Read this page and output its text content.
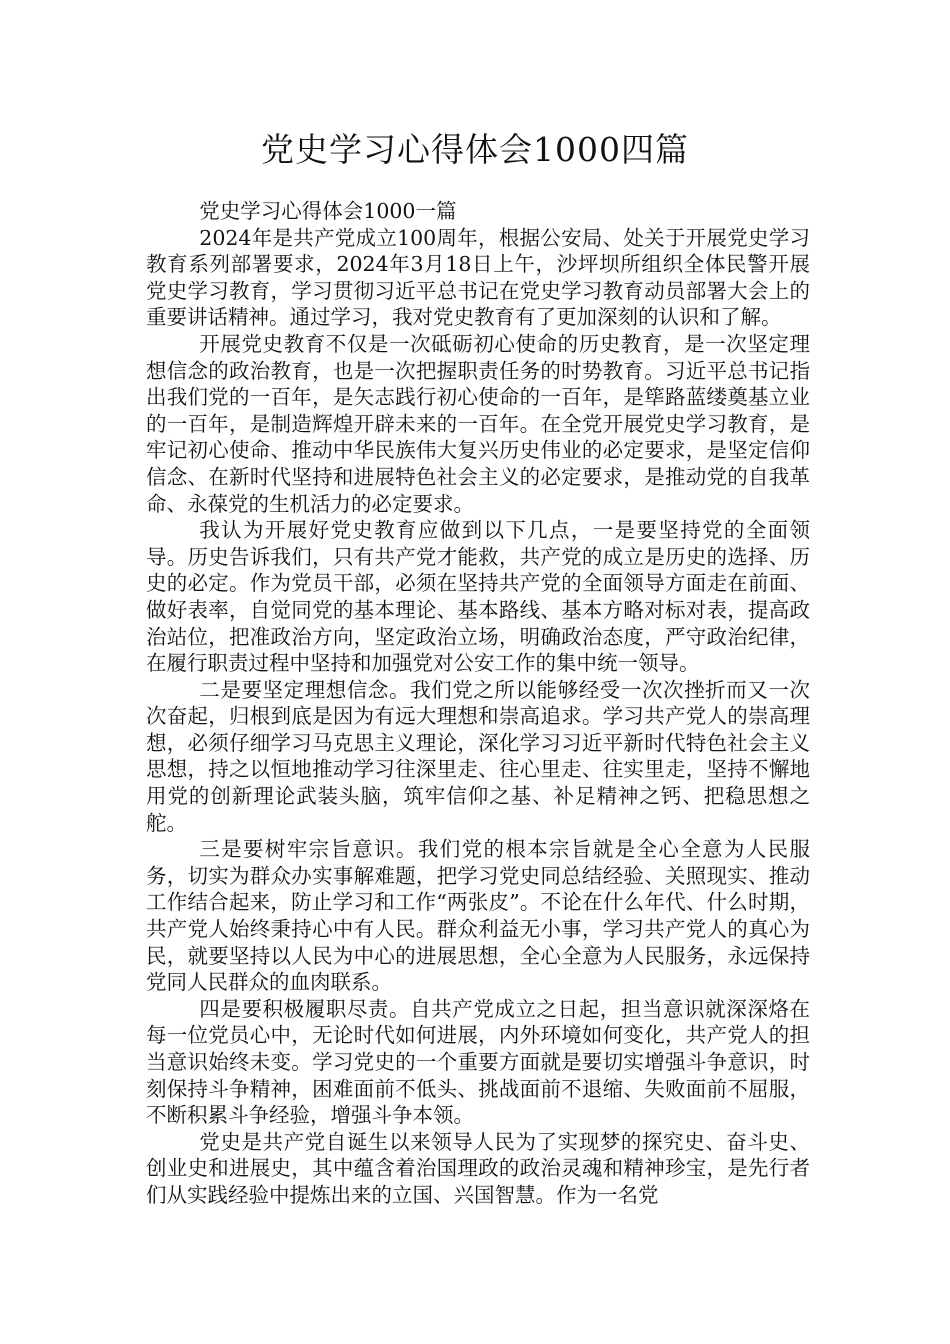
党史学习心得体会1000四篇

党史学习心得体会1000一篇

2024年是共产党成立100周年，根据公安局、处关于开展党史学习教育系列部署要求，2024年3月18日上午，沙坪坝所组织全体民警开展党史学习教育，学习贯彻习近平总书记在党史学习教育动员部署大会上的重要讲话精神。通过学习，我对党史教育有了更加深刻的认识和了解。

开展党史教育不仅是一次砥砺初心使命的历史教育，是一次坚定理想信念的政治教育，也是一次把握职责任务的时势教育。习近平总书记指出我们党的一百年，是矢志践行初心使命的一百年，是筚路蓝缕奠基立业的一百年，是制造辉煌开辟未来的一百年。在全党开展党史学习教育，是牢记初心使命、推动中华民族伟大复兴历史伟业的必定要求，是坚定信仰信念、在新时代坚持和进展特色社会主义的必定要求，是推动党的自我革命、永葆党的生机活力的必定要求。

我认为开展好党史教育应做到以下几点，一是要坚持党的全面领导。历史告诉我们，只有共产党才能救，共产党的成立是历史的选择、历史的必定。作为党员干部，必须在坚持共产党的全面领导方面走在前面、做好表率，自觉同党的基本理论、基本路线、基本方略对标对表，提高政治站位，把准政治方向，坚定政治立场，明确政治态度，严守政治纪律，在履行职责过程中坚持和加强党对公安工作的集中统一领导。

二是要坚定理想信念。我们党之所以能够经受一次次挫折而又一次次奋起，归根到底是因为有远大理想和崇高追求。学习共产党人的崇高理想，必须仔细学习马克思主义理论，深化学习习近平新时代特色社会主义思想，持之以恒地推动学习往深里走、往心里走、往实里走，坚持不懈地用党的创新理论武装头脑，筑牢信仰之基、补足精神之钙、把稳思想之舵。

三是要树牢宗旨意识。我们党的根本宗旨就是全心全意为人民服务，切实为群众办实事解难题，把学习党史同总结经验、关照现实、推动工作结合起来，防止学习和工作“两张皮”。不论在什么年代、什么时期，共产党人始终秉持心中有人民。群众利益无小事，学习共产党人的真心为民，就要坚持以人民为中心的进展思想，全心全意为人民服务，永远保持党同人民群众的血肉联系。

四是要积极履职尽责。自共产党成立之日起，担当意识就深深烙在每一位党员心中，无论时代如何进展，内外环境如何变化，共产党人的担当意识始终未变。学习党史的一个重要方面就是要切实增强斗争意识，时刻保持斗争精神，困难面前不低头、挑战面前不退缩、失败面前不屈服，不断积累斗争经验，增强斗争本领。

党史是共产党自诞生以来领导人民为了实现梦的探究史、奋斗史、创业史和进展史，其中蕴含着治国理政的政治灵魂和精神珍宝，是先行者们从实践经验中提炼出来的立国、兴国智慧。作为一名党
